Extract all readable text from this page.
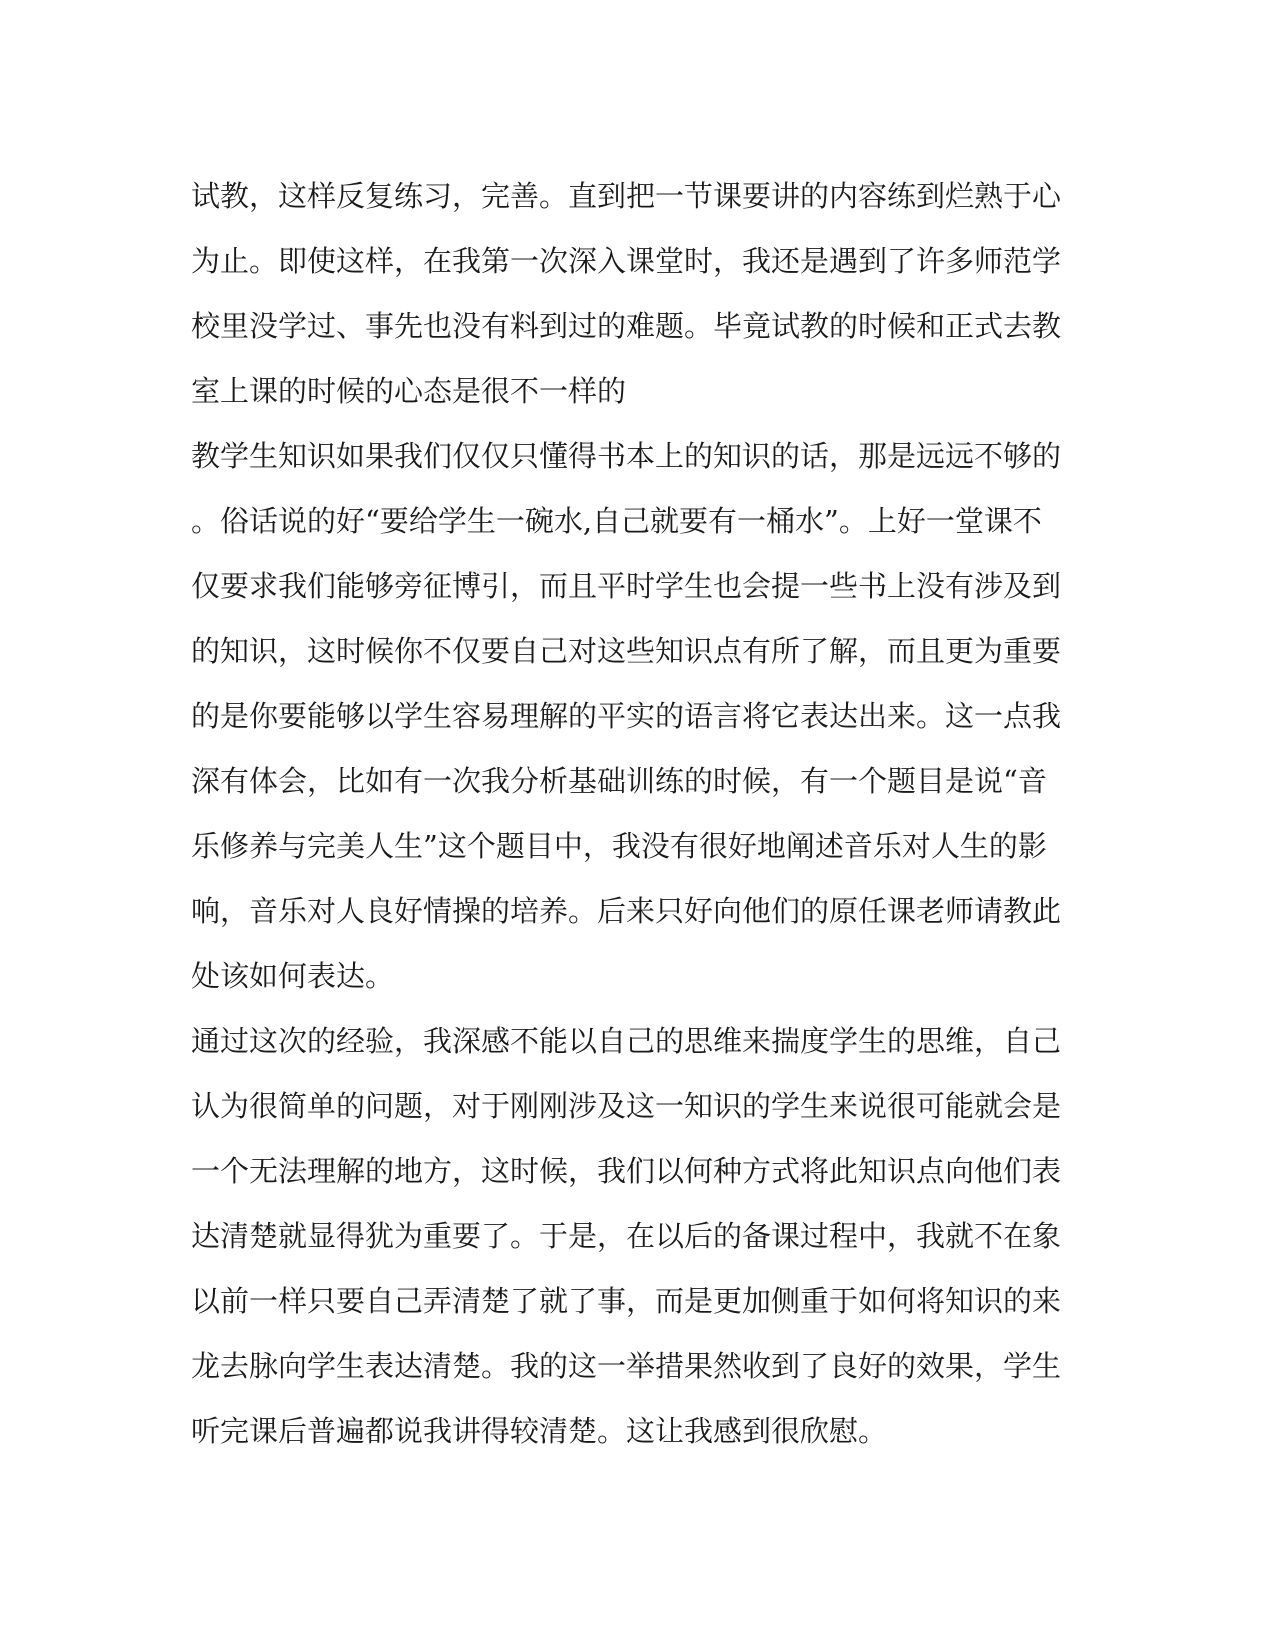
试教，这样反复练习，完善。直到把一节课要讲的内容练到烂熟于心
为止。即使这样，在我第一次深入课堂时，我还是遇到了许多师范学
校里没学过、事先也没有料到过的难题。毕竟试教的时候和正式去教
室上课的时候的心态是很不一样的
教学生知识如果我们仅仅只懂得书本上的知识的话，那是远远不够的
。俗话说的好“要给学生一碗水,自己就要有一桶水”。上好一堂课不
仅要求我们能够旁征博引，而且平时学生也会提一些书上没有涉及到
的知识，这时候你不仅要自己对这些知识点有所了解，而且更为重要
的是你要能够以学生容易理解的平实的语言将它表达出来。这一点我
深有体会，比如有一次我分析基础训练的时候，有一个题目是说“音
乐修养与完美人生”这个题目中，我没有很好地阐述音乐对人生的影
响，音乐对人良好情操的培养。后来只好向他们的原任课老师请教此
处该如何表达。
通过这次的经验，我深感不能以自己的思维来揣度学生的思维，自己
认为很简单的问题，对于刚刚涉及这一知识的学生来说很可能就会是
一个无法理解的地方，这时候，我们以何种方式将此知识点向他们表
达清楚就显得犹为重要了。于是，在以后的备课过程中，我就不在象
以前一样只要自己弄清楚了就了事，而是更加侧重于如何将知识的来
龙去脉向学生表达清楚。我的这一举措果然收到了良好的效果，学生
听完课后普遍都说我讲得较清楚。这让我感到很欣慰。
